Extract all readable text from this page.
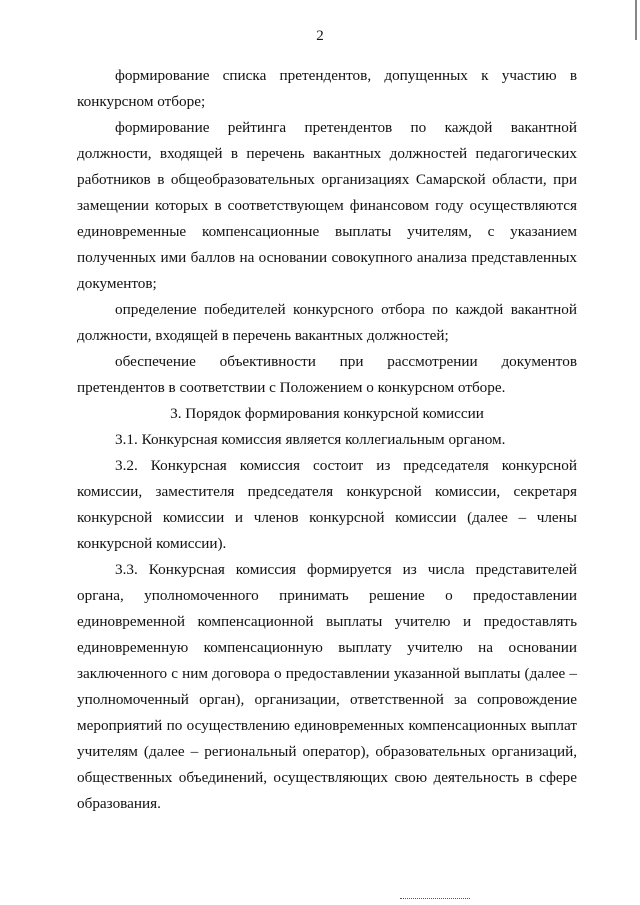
2

формирование списка претендентов, допущенных к участию в конкурсном отборе;

формирование рейтинга претендентов по каждой вакантной должности, входящей в перечень вакантных должностей педагогических работников в общеобразовательных организациях Самарской области, при замещении которых в соответствующем финансовом году осуществляются единовременные компенсационные выплаты учителям, с указанием полученных ими баллов на основании совокупного анализа представленных документов;

определение победителей конкурсного отбора по каждой вакантной должности, входящей в перечень вакантных должностей;

обеспечение объективности при рассмотрении документов претендентов в соответствии с Положением о конкурсном отборе.

3. Порядок формирования конкурсной комиссии

3.1. Конкурсная комиссия является коллегиальным органом.

3.2. Конкурсная комиссия состоит из председателя конкурсной комиссии, заместителя председателя конкурсной комиссии, секретаря конкурсной комиссии и членов конкурсной комиссии (далее – члены конкурсной комиссии).

3.3. Конкурсная комиссия формируется из числа представителей органа, уполномоченного принимать решение о предоставлении единовременной компенсационной выплаты учителю и предоставлять единовременную компенсационную выплату учителю на основании заключенного с ним договора о предоставлении указанной выплаты (далее – уполномоченный орган), организации, ответственной за сопровождение мероприятий по осуществлению единовременных компенсационных выплат учителям (далее – региональный оператор), образовательных организаций, общественных объединений, осуществляющих свою деятельность в сфере образования.
